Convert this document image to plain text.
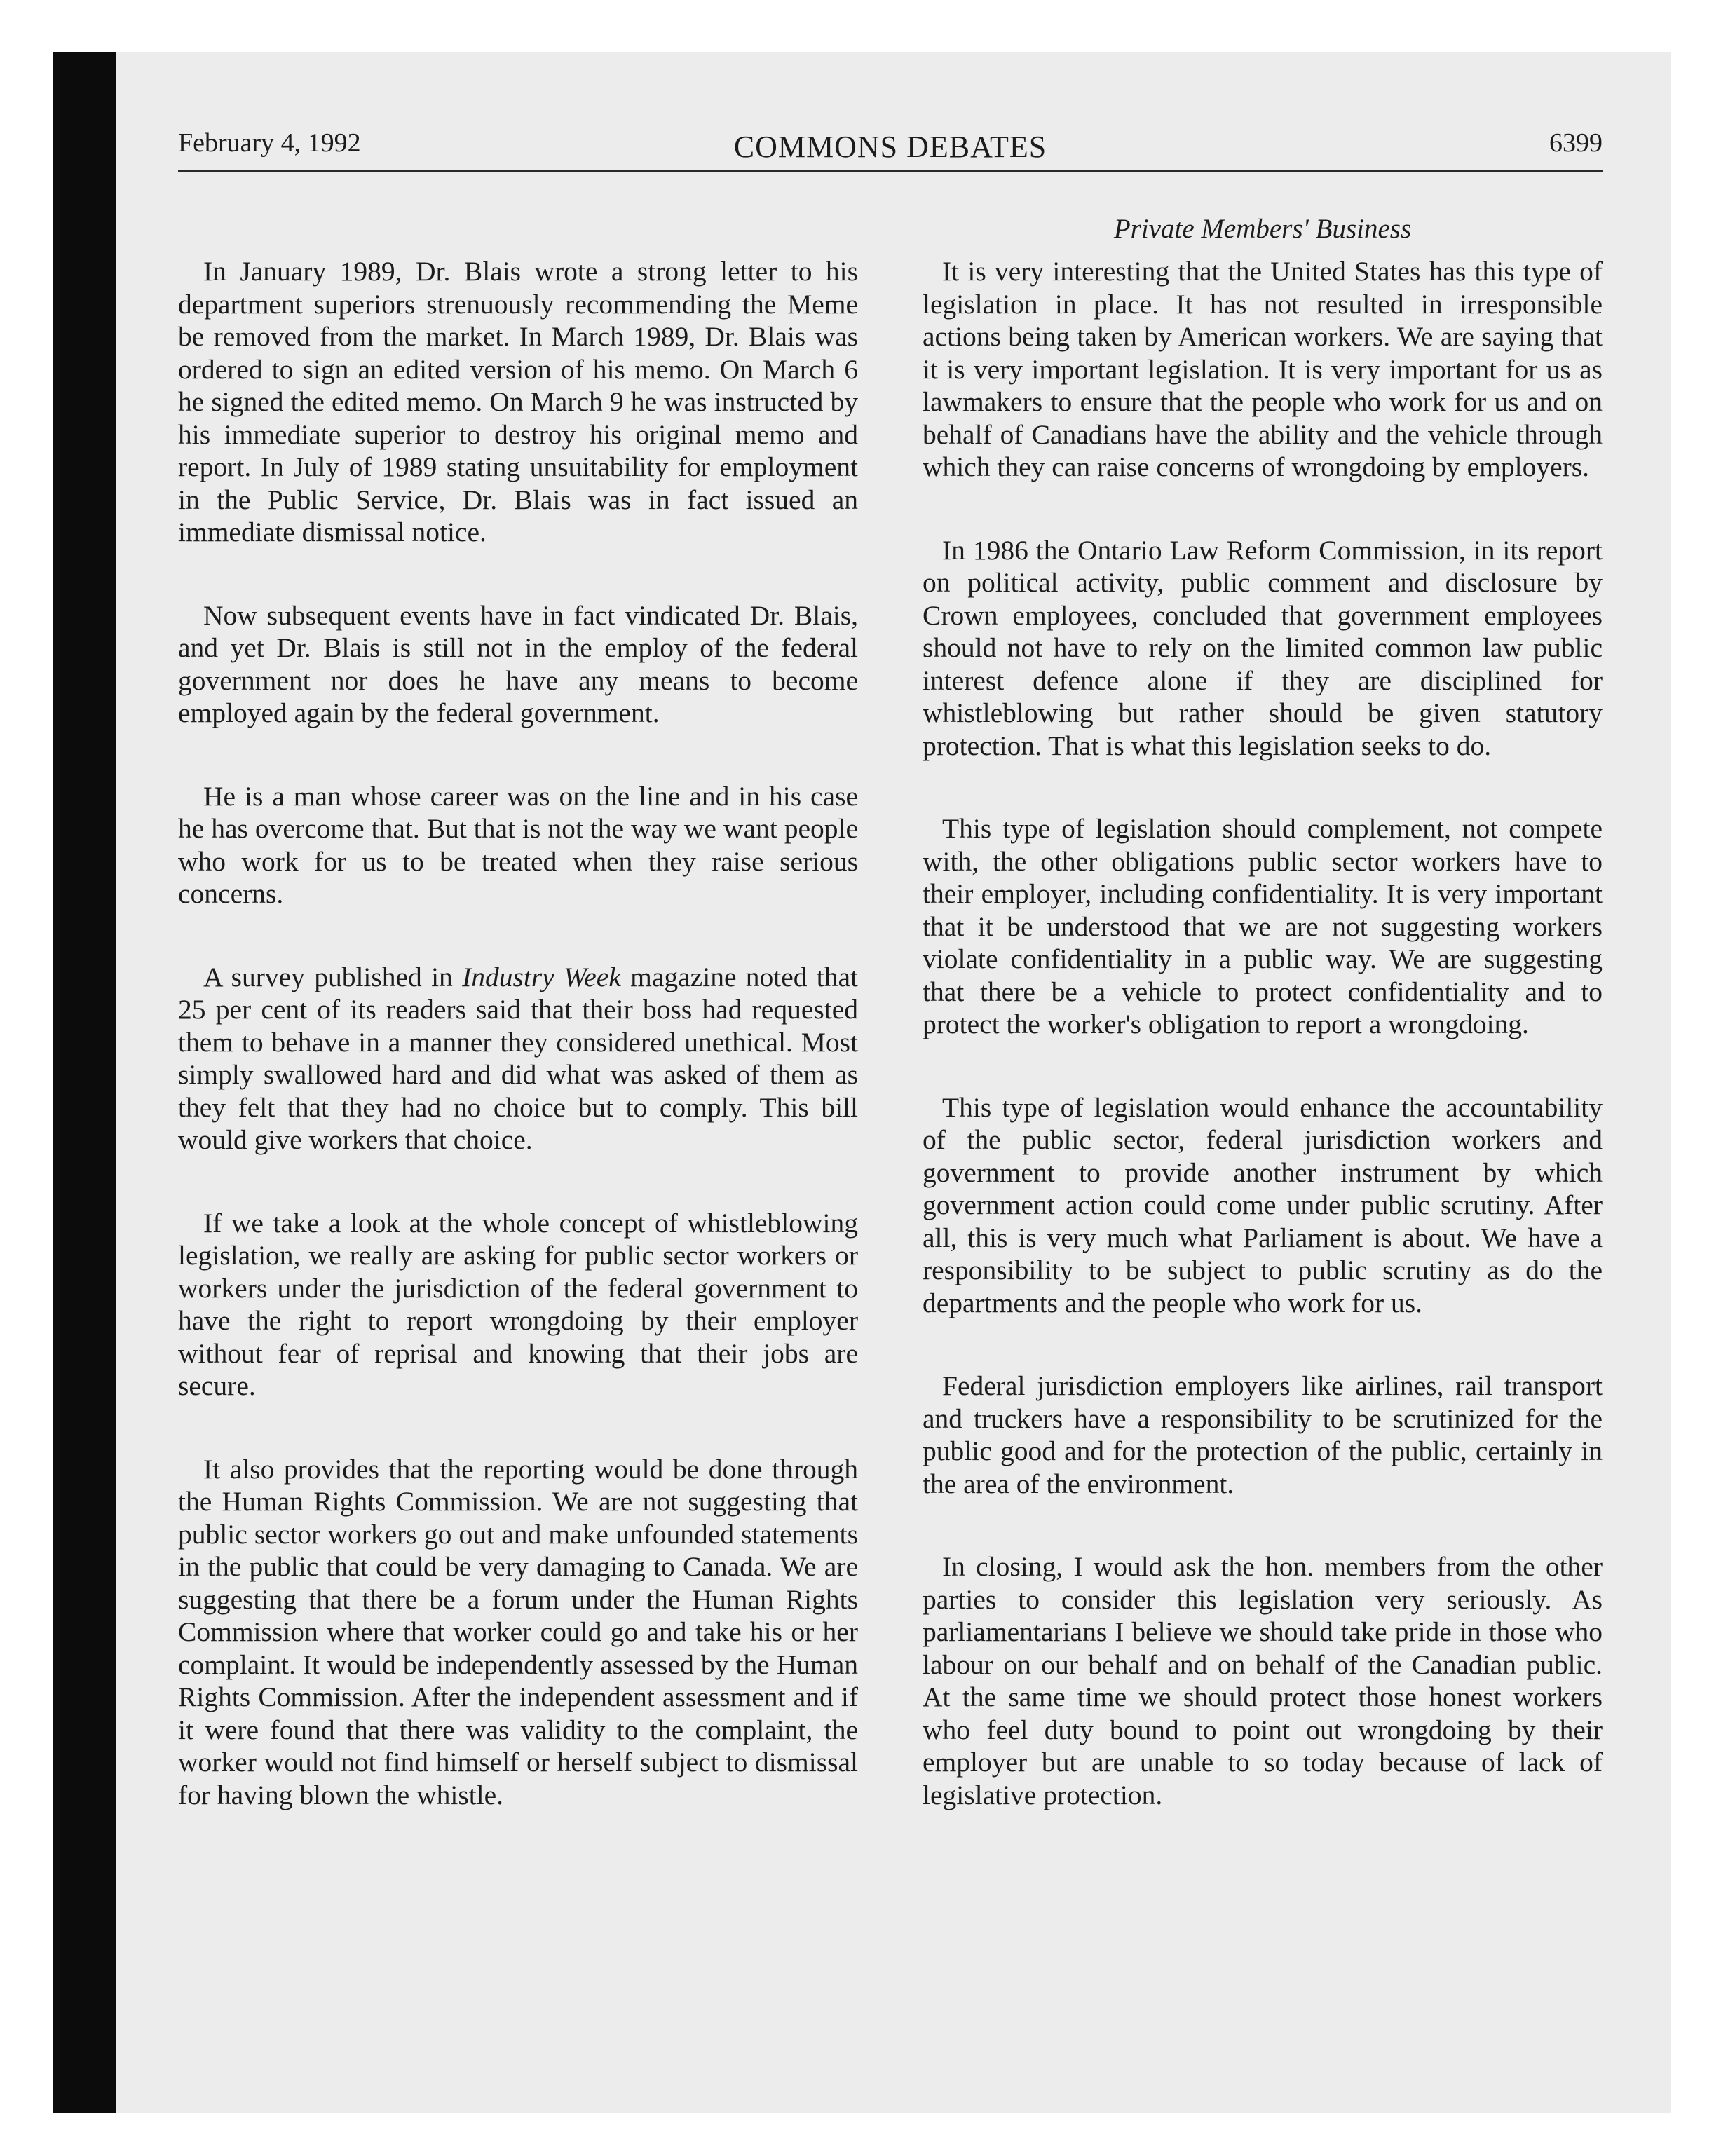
February 4, 1992	COMMONS DEBATES	6399
Private Members' Business

In January 1989, Dr. Blais wrote a strong letter to his department superiors strenuously recommending the Meme be removed from the market. In March 1989, Dr. Blais was ordered to sign an edited version of his memo. On March 6 he signed the edited memo. On March 9 he was instructed by his immediate superior to destroy his original memo and report. In July of 1989 stating unsuitability for employment in the Public Service, Dr. Blais was in fact issued an immediate dismissal notice.

Now subsequent events have in fact vindicated Dr. Blais, and yet Dr. Blais is still not in the employ of the federal government nor does he have any means to become employed again by the federal government.

He is a man whose career was on the line and in his case he has overcome that. But that is not the way we want people who work for us to be treated when they raise serious concerns.

A survey published in Industry Week magazine noted that 25 per cent of its readers said that their boss had requested them to behave in a manner they considered unethical. Most simply swallowed hard and did what was asked of them as they felt that they had no choice but to comply. This bill would give workers that choice.

If we take a look at the whole concept of whistleblowing legislation, we really are asking for public sector workers or workers under the jurisdiction of the federal government to have the right to report wrongdoing by their employer without fear of reprisal and knowing that their jobs are secure.

It also provides that the reporting would be done through the Human Rights Commission. We are not suggesting that public sector workers go out and make unfounded statements in the public that could be very damaging to Canada. We are suggesting that there be a forum under the Human Rights Commission where that worker could go and take his or her complaint. It would be independently assessed by the Human Rights Commission. After the independent assessment and if it were found that there was validity to the complaint, the worker would not find himself or herself subject to dismissal for having blown the whistle.

It is very interesting that the United States has this type of legislation in place. It has not resulted in irresponsible actions being taken by American workers. We are saying that it is very important legislation. It is very important for us as lawmakers to ensure that the people who work for us and on behalf of Canadians have the ability and the vehicle through which they can raise concerns of wrongdoing by employers.

In 1986 the Ontario Law Reform Commission, in its report on political activity, public comment and disclosure by Crown employees, concluded that government employees should not have to rely on the limited common law public interest defence alone if they are disciplined for whistleblowing but rather should be given statutory protection. That is what this legislation seeks to do.

This type of legislation should complement, not compete with, the other obligations public sector workers have to their employer, including confidentiality. It is very important that it be understood that we are not suggesting workers violate confidentiality in a public way. We are suggesting that there be a vehicle to protect confidentiality and to protect the worker's obligation to report a wrongdoing.

This type of legislation would enhance the accountability of the public sector, federal jurisdiction workers and government to provide another instrument by which government action could come under public scrutiny. After all, this is very much what Parliament is about. We have a responsibility to be subject to public scrutiny as do the departments and the people who work for us.

Federal jurisdiction employers like airlines, rail transport and truckers have a responsibility to be scrutinized for the public good and for the protection of the public, certainly in the area of the environment.

In closing, I would ask the hon. members from the other parties to consider this legislation very seriously. As parliamentarians I believe we should take pride in those who labour on our behalf and on behalf of the Canadian public. At the same time we should protect those honest workers who feel duty bound to point out wrongdoing by their employer but are unable to so today because of lack of legislative protection.
